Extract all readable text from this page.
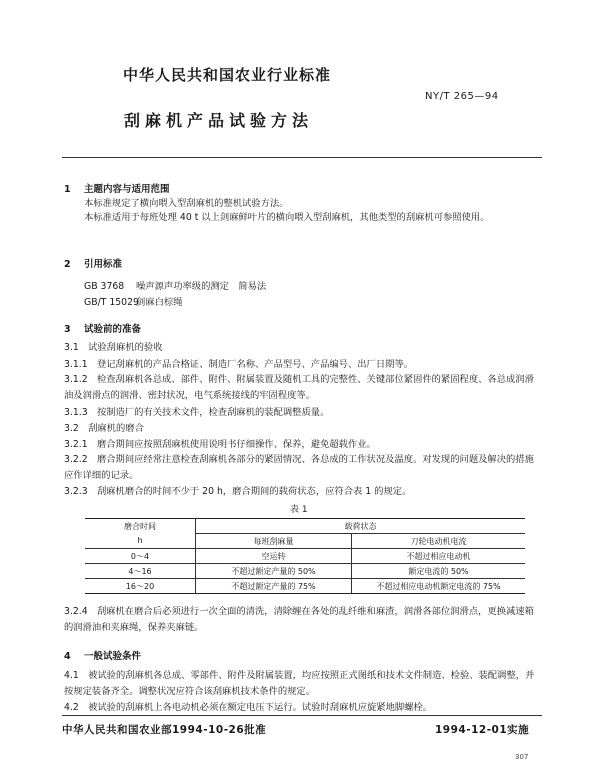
中华人民共和国农业行业标准
NY/T 265—94
刮麻机产品试验方法
1 主题内容与适用范围
本标准规定了横向喂入型刮麻机的整机试验方法。
本标准适用于每班处理 40 t 以上剑麻鲜叶片的横向喂入型刮麻机，其他类型的刮麻机可参照使用。
2 引用标准
GB 3768 噪声源声功率级的测定　简易法
GB/T 15029剑麻白棕绳
3 试验前的准备
3.1　试验刮麻机的验收
3.1.1　登记刮麻机的产品合格证、制造厂名称、产品型号、产品编号、出厂日期等。
3.1.2　检查刮麻机各总成、部件、附件、附属装置及随机工具的完整性、关键部位紧固件的紧固程度、各总成润滑油及润滑点的润滑、密封状况，电气系统接线的牢固程度等。
3.1.3　按制造厂的有关技术文件，检查刮麻机的装配调整质量。
3.2　刮麻机的磨合
3.2.1　磨合期间应按照刮麻机使用说明书仔细操作、保养，避免超载作业。
3.2.2　磨合期间应经常注意检查刮麻机各部分的紧固情况、各总成的工作状况及温度。对发现的问题及解决的措施应作详细的记录。
3.2.3　刮麻机磨合的时间不少于 20 h，磨合期间的载荷状态，应符合表 1 的规定。
表 1
磨合时间	载荷状态	
h	每班刮麻量	刀轮电动机电流
0～4	空运转	不超过相应电动机
4～16	不超过额定产量的 50%	额定电流的 50%
16～20	不超过额定产量的 75%	不超过相应电动机额定电流的 75%
3.2.4　刮麻机在磨合后必须进行一次全面的清洗，清除缠在各处的乱纤维和麻渣，润滑各部位润滑点，更换减速箱的润滑油和夹麻绳，保养夹麻链。
4 一般试验条件
4.1　被试验的刮麻机各总成、零部件、附件及附属装置，均应按照正式图纸和技术文件制造、检验、装配调整，并按规定装备齐全。调整状况应符合该刮麻机技术条件的规定。
4.2　被试验的刮麻机上各电动机必须在额定电压下运行。试验时刮麻机应旋紧地脚螺栓。
中华人民共和国农业部1994-10-26批准	1994-12-01实施
307
